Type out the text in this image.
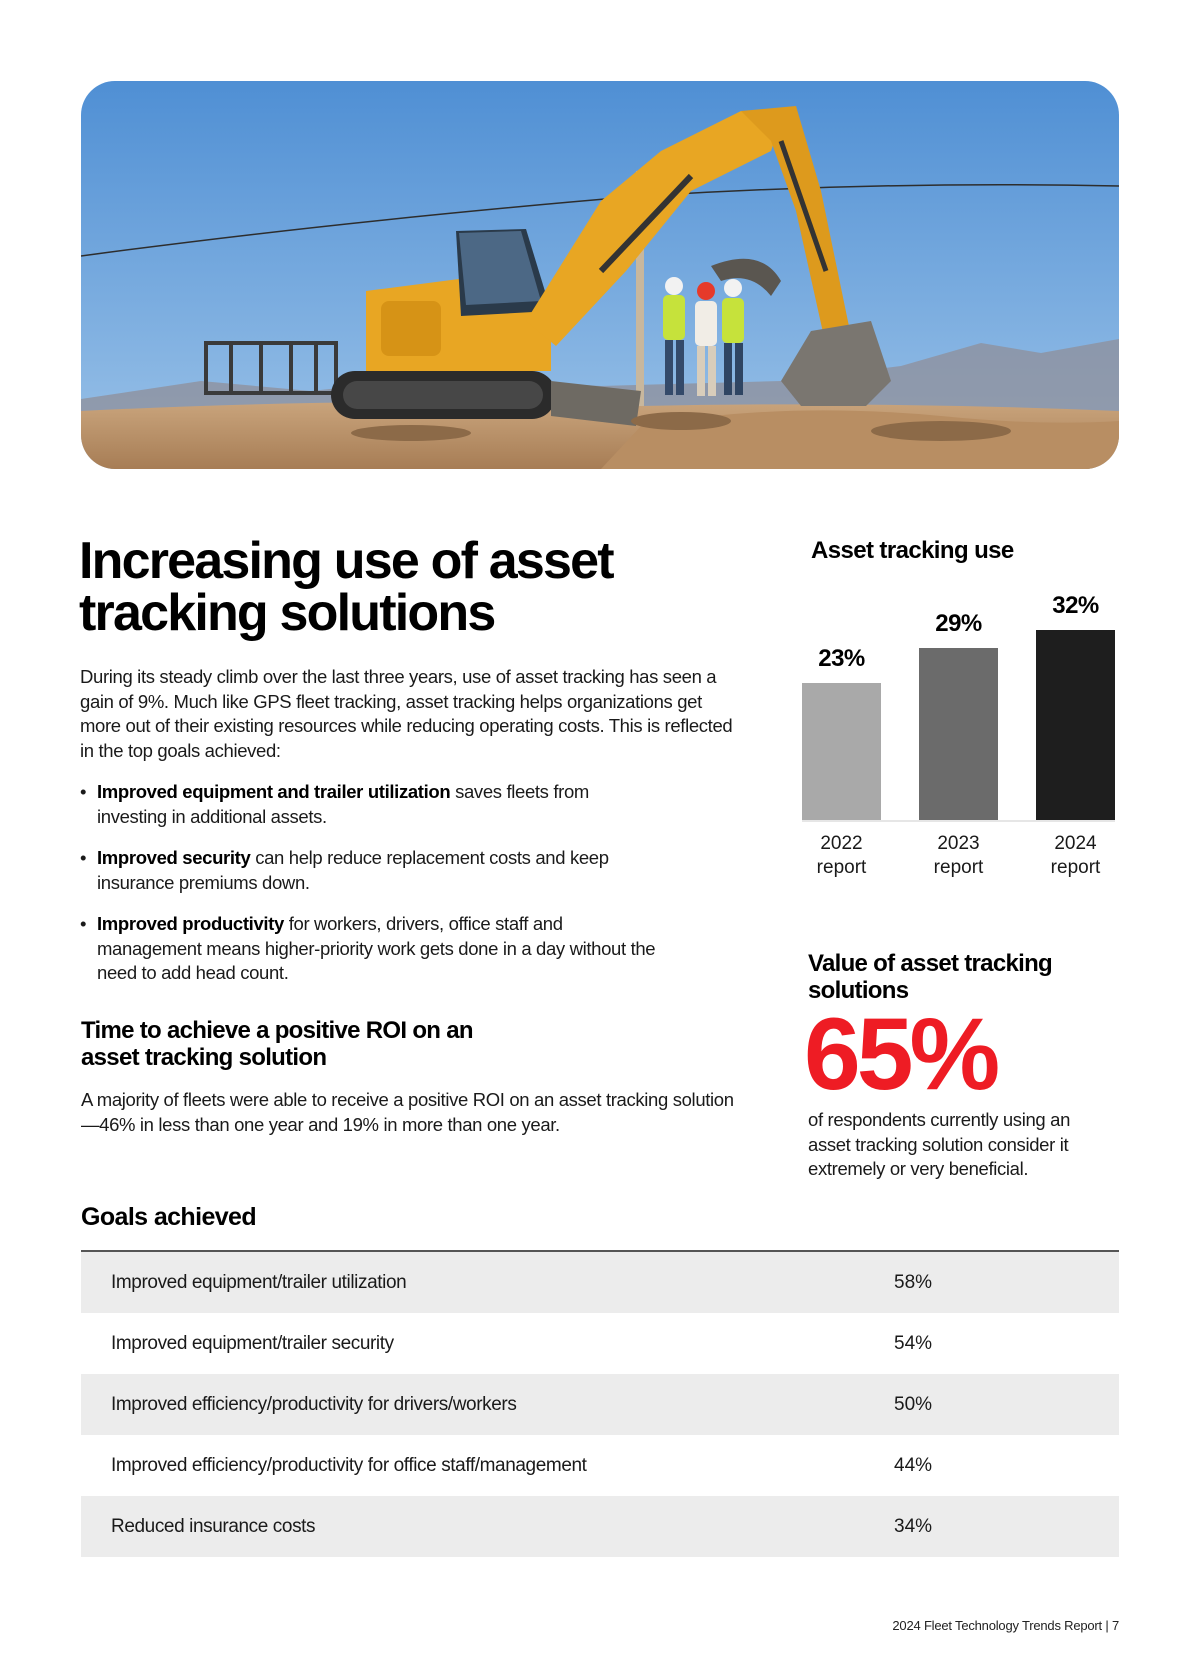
Increasing use of asset tracking solutions

During its steady climb over the last three years, use of asset tracking has seen a gain of 9%. Much like GPS fleet tracking, asset tracking helps organizations get more out of their existing resources while reducing operating costs. This is reflected in the top goals achieved:

• Improved equipment and trailer utilization saves fleets from investing in additional assets.
• Improved security can help reduce replacement costs and keep insurance premiums down.
• Improved productivity for workers, drivers, office staff and management means higher-priority work gets done in a day without the need to add head count.
Time to achieve a positive ROI on an asset tracking solution

A majority of fleets were able to receive a positive ROI on an asset tracking solution—46% in less than one year and 19% in more than one year.

Asset tracking use
23%
2022
report
29%
2023
report
32%
2024
report
Value of asset tracking solutions
65%

of respondents currently using an asset tracking solution consider it extremely or very beneficial.

Goals achieved
Improved equipment/trailer utilization	58%
Improved equipment/trailer security	54%
Improved efficiency/productivity for drivers/workers	50%
Improved efficiency/productivity for office staff/management	44%
Reduced insurance costs	34%
2024 Fleet Technology Trends Report | 7
